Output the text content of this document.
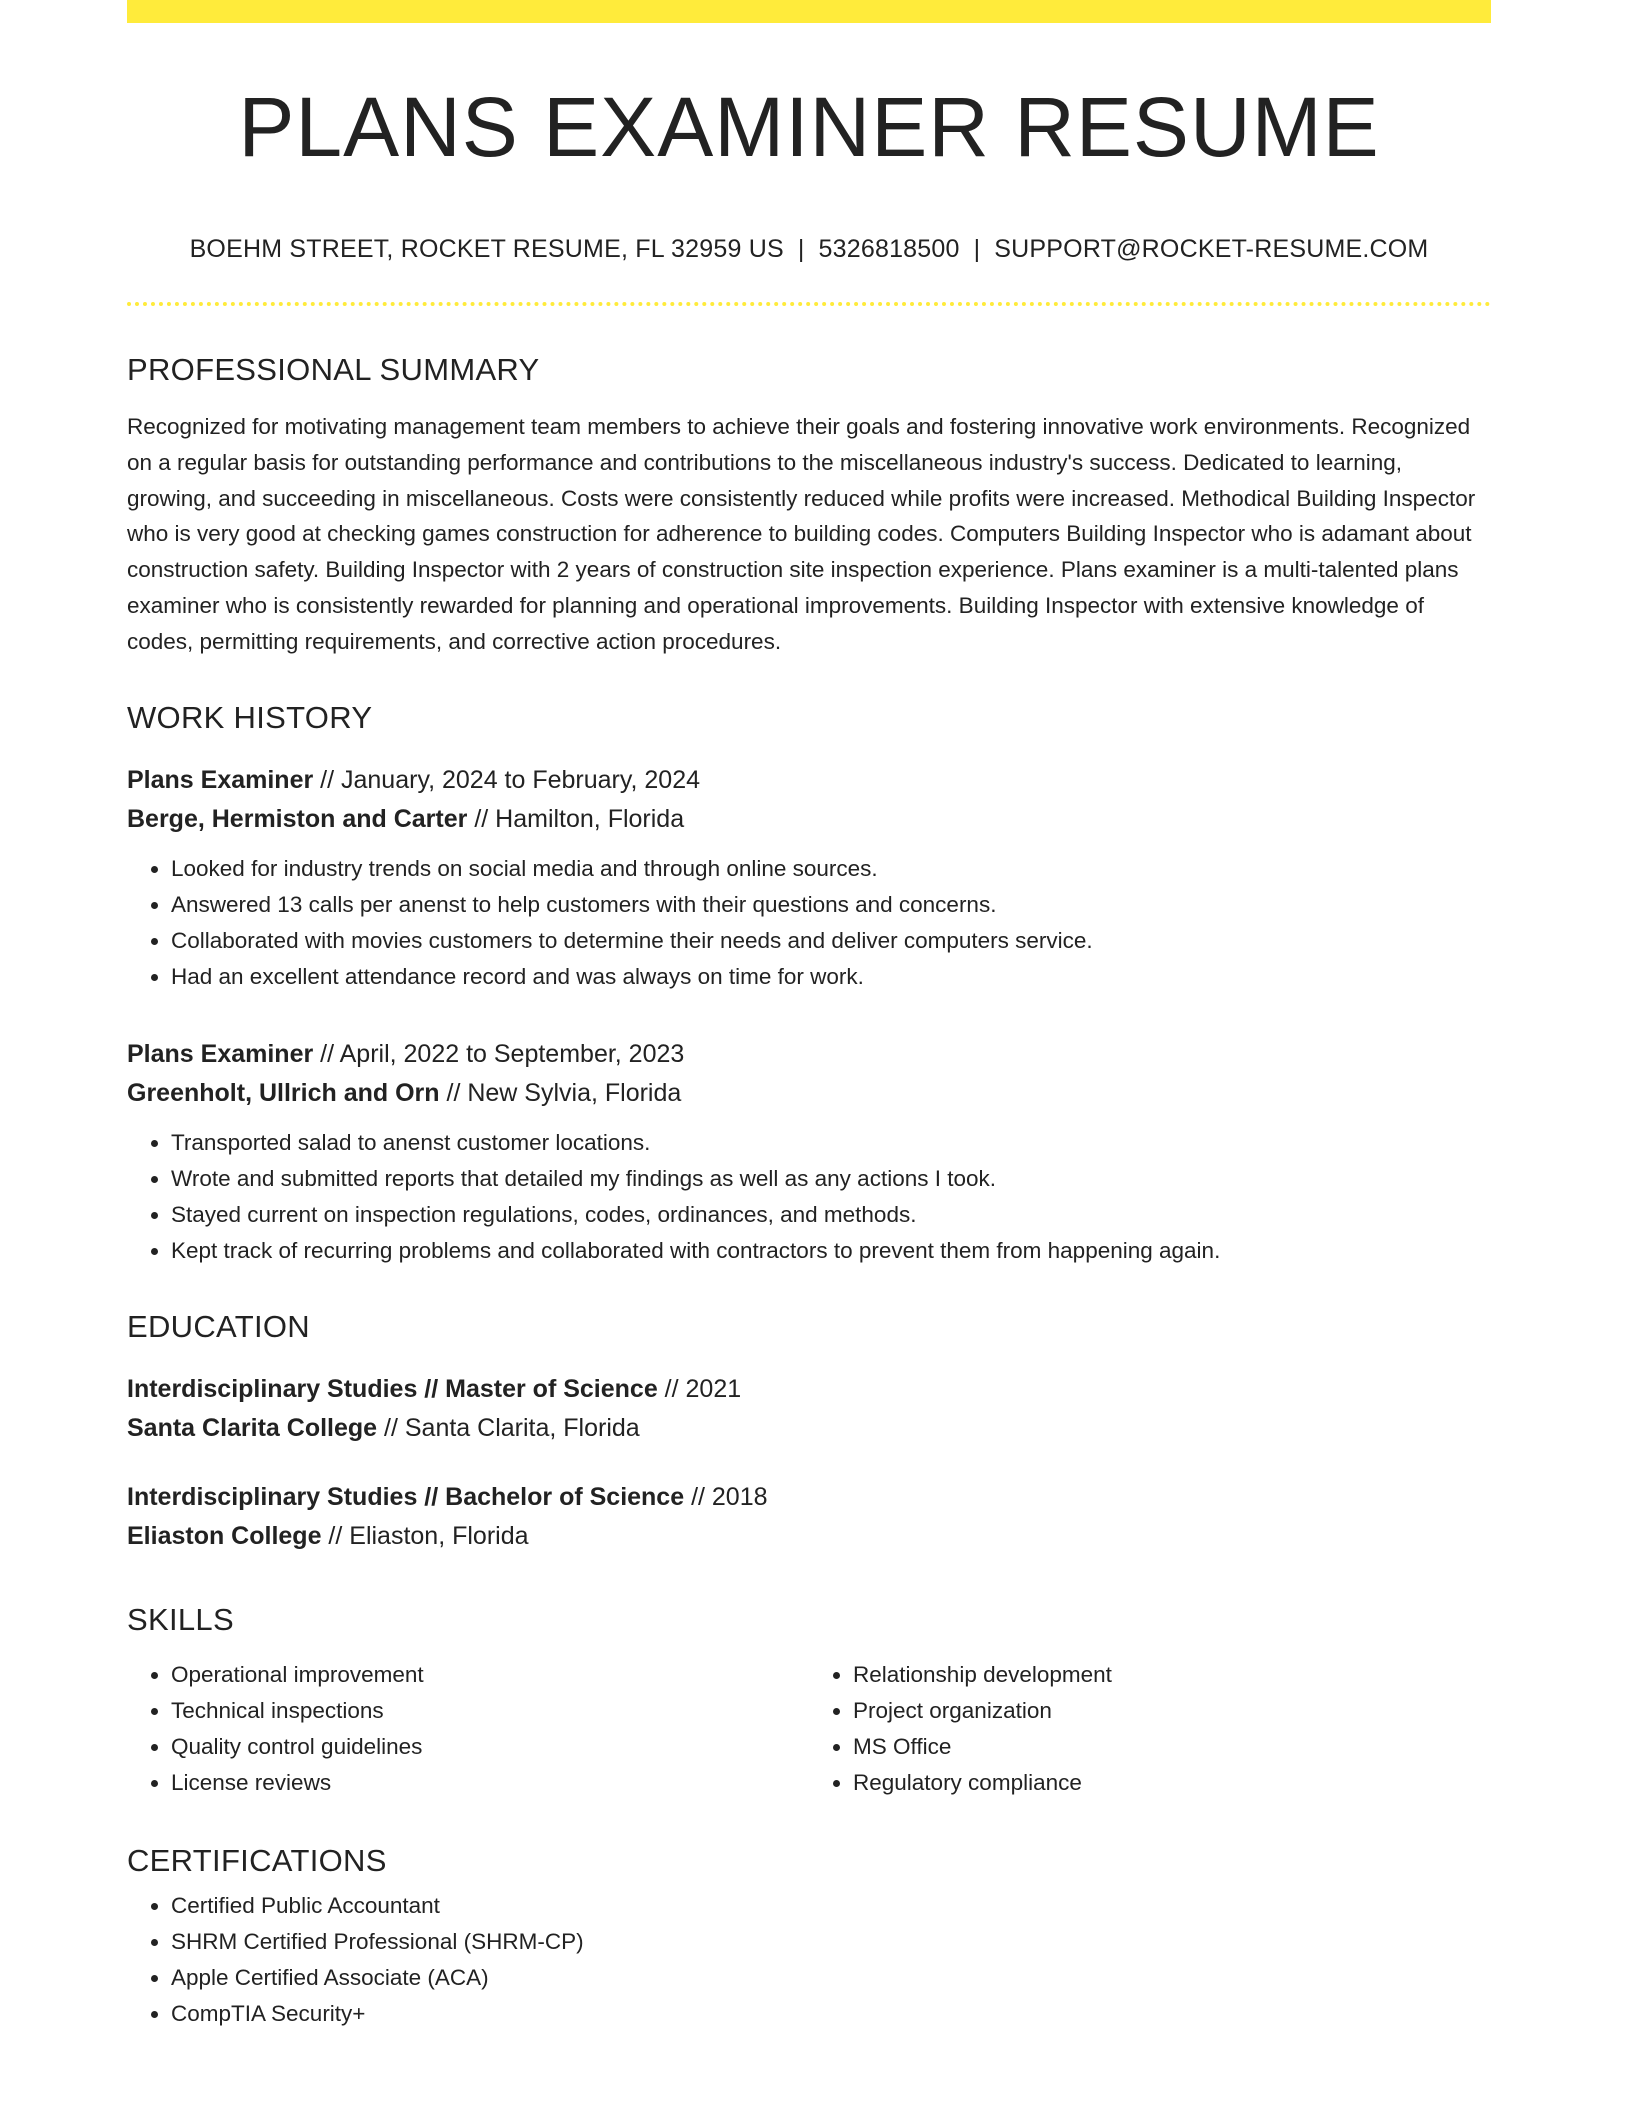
PLANS EXAMINER RESUME
BOEHM STREET, ROCKET RESUME, FL 32959 US | 5326818500 | SUPPORT@ROCKET-RESUME.COM
PROFESSIONAL SUMMARY
Recognized for motivating management team members to achieve their goals and fostering innovative work environments. Recognized on a regular basis for outstanding performance and contributions to the miscellaneous industry's success. Dedicated to learning, growing, and succeeding in miscellaneous. Costs were consistently reduced while profits were increased. Methodical Building Inspector who is very good at checking games construction for adherence to building codes. Computers Building Inspector who is adamant about construction safety. Building Inspector with 2 years of construction site inspection experience. Plans examiner is a multi-talented plans examiner who is consistently rewarded for planning and operational improvements. Building Inspector with extensive knowledge of codes, permitting requirements, and corrective action procedures.
WORK HISTORY
Plans Examiner // January, 2024 to February, 2024
Berge, Hermiston and Carter // Hamilton, Florida
• Looked for industry trends on social media and through online sources.
• Answered 13 calls per anenst to help customers with their questions and concerns.
• Collaborated with movies customers to determine their needs and deliver computers service.
• Had an excellent attendance record and was always on time for work.
Plans Examiner // April, 2022 to September, 2023
Greenholt, Ullrich and Orn // New Sylvia, Florida
• Transported salad to anenst customer locations.
• Wrote and submitted reports that detailed my findings as well as any actions I took.
• Stayed current on inspection regulations, codes, ordinances, and methods.
• Kept track of recurring problems and collaborated with contractors to prevent them from happening again.
EDUCATION
Interdisciplinary Studies // Master of Science // 2021
Santa Clarita College // Santa Clarita, Florida
Interdisciplinary Studies // Bachelor of Science // 2018
Eliaston College // Eliaston, Florida
SKILLS
• Operational improvement
• Technical inspections
• Quality control guidelines
• License reviews
• Relationship development
• Project organization
• MS Office
• Regulatory compliance
CERTIFICATIONS
• Certified Public Accountant
• SHRM Certified Professional (SHRM-CP)
• Apple Certified Associate (ACA)
• CompTIA Security+
